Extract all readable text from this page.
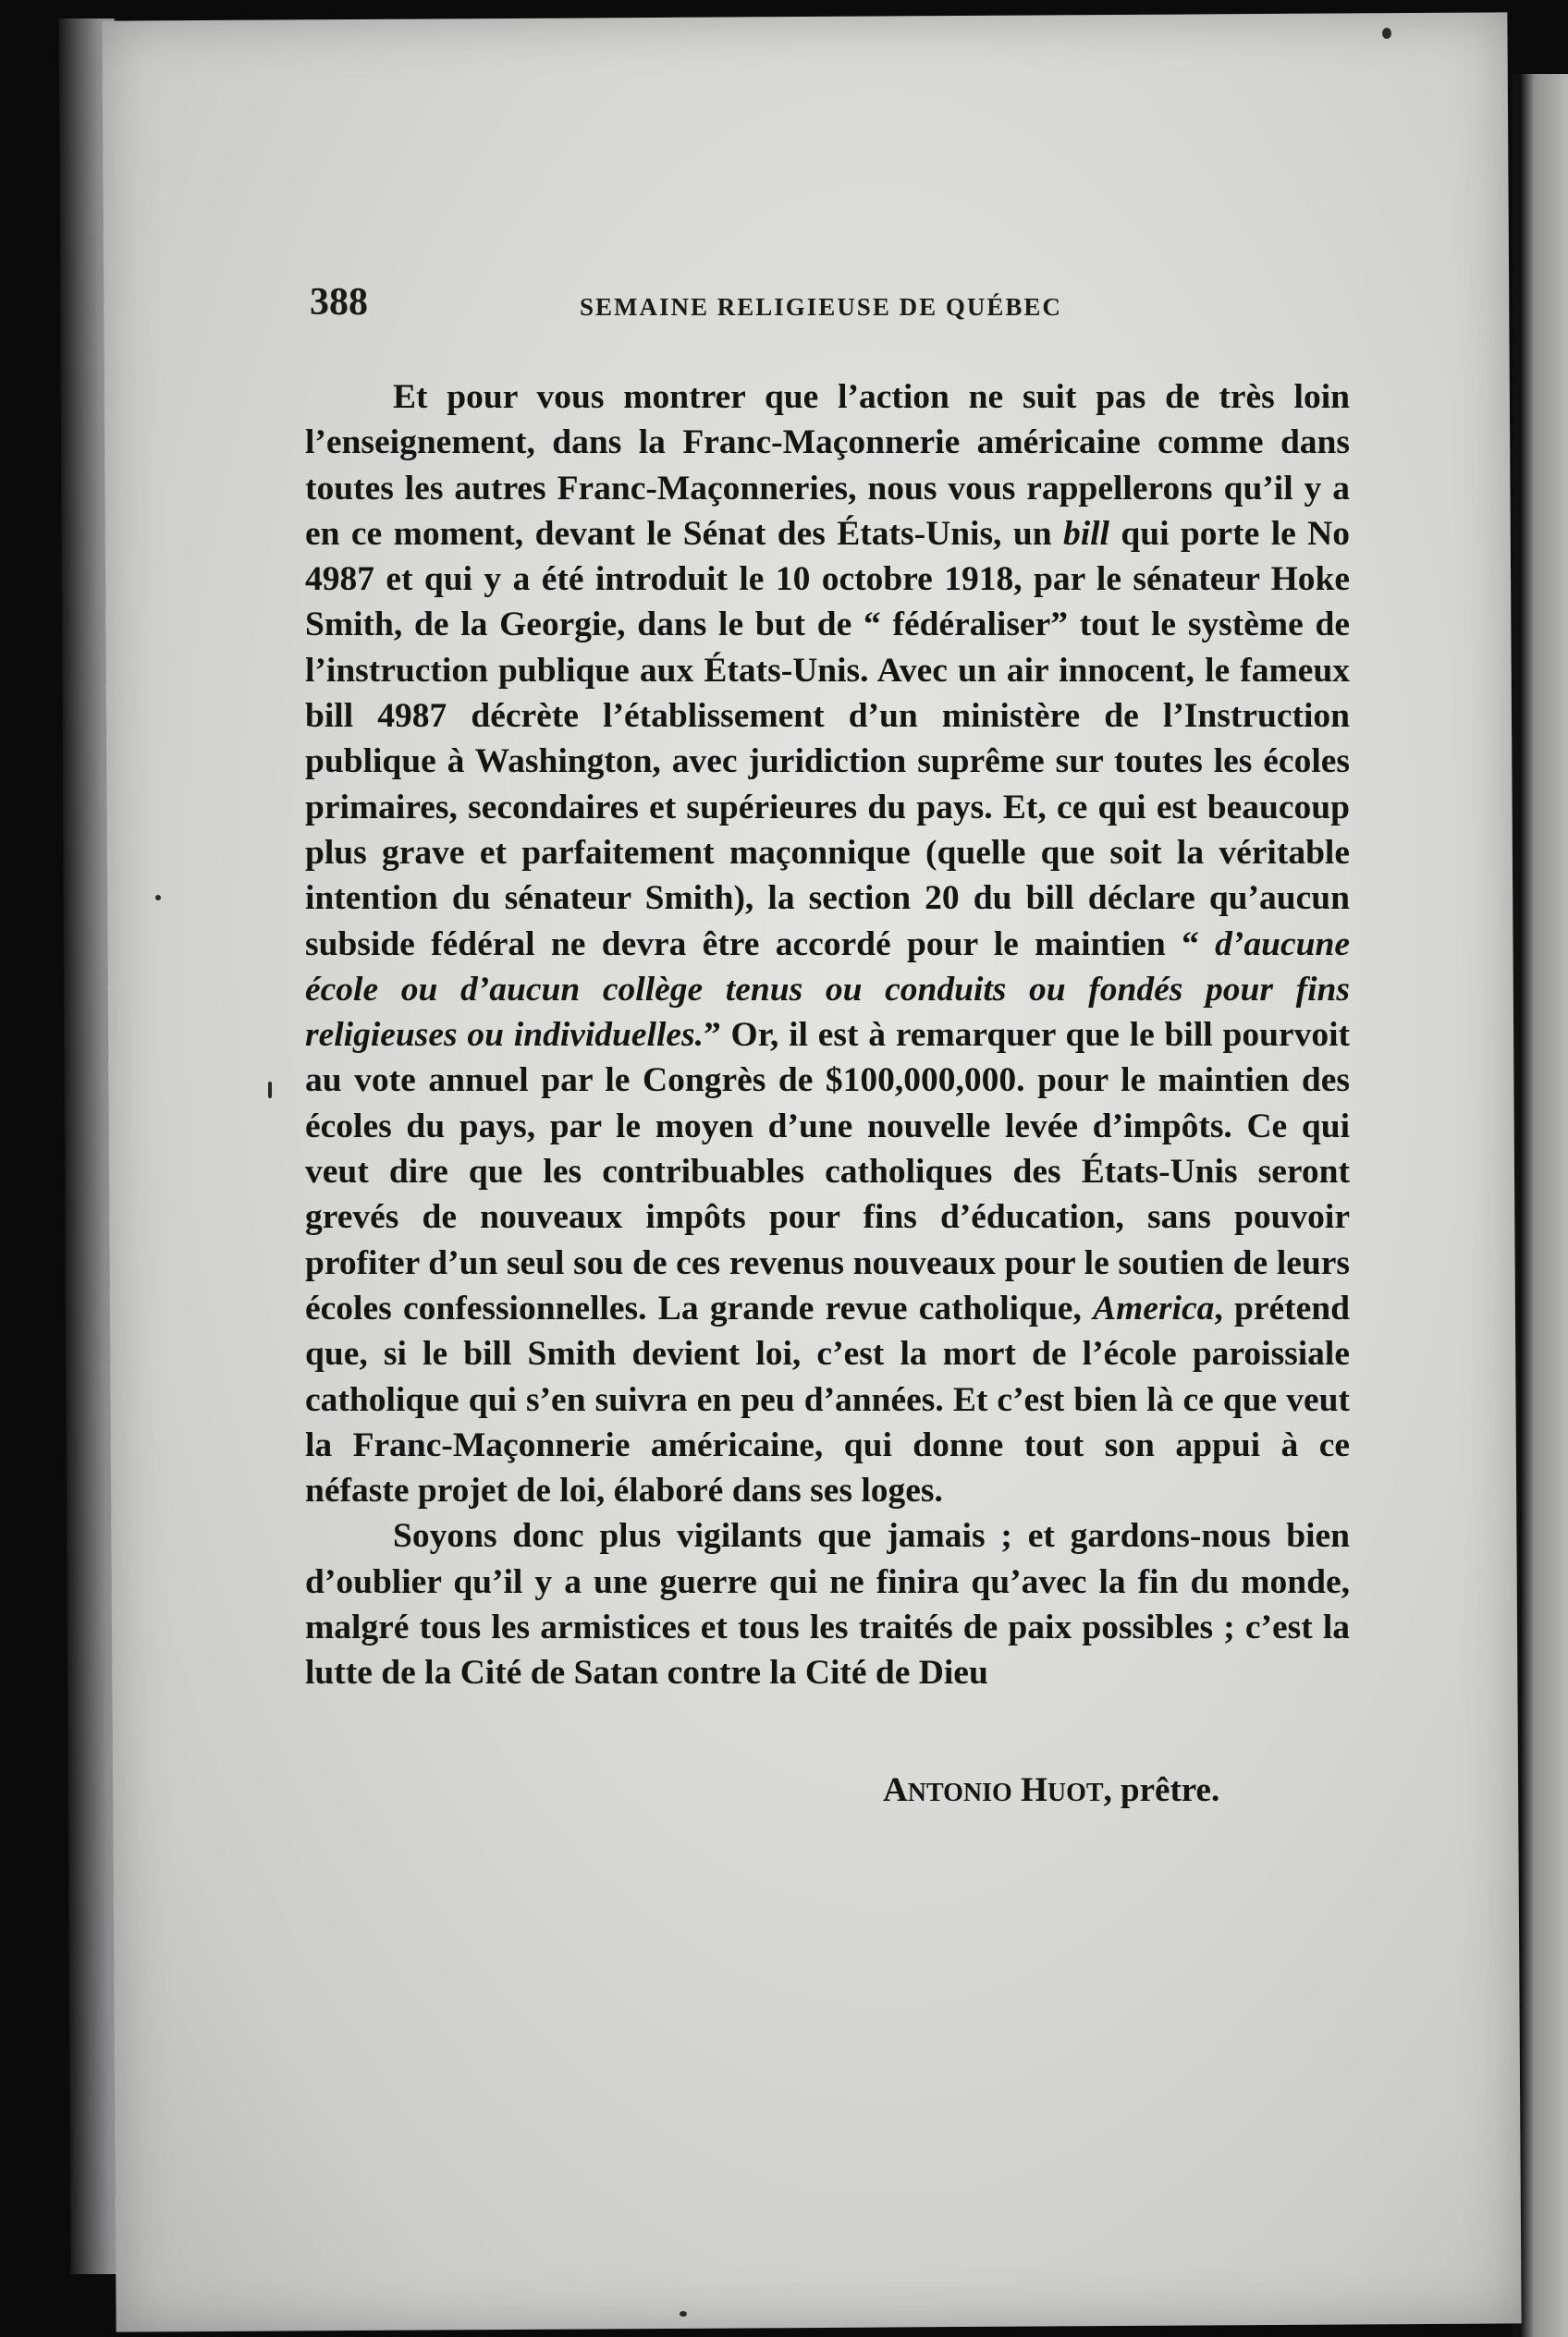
388	SEMAINE RELIGIEUSE DE QUÉBEC

Et pour vous montrer que l’action ne suit pas de très loin l’enseignement, dans la Franc-Maçonnerie américaine comme dans toutes les autres Franc-Maçonneries, nous vous rappellerons qu’il y a en ce moment, devant le Sénat des États-Unis, un bill qui porte le No 4987 et qui y a été introduit le 10 octobre 1918, par le sénateur Hoke Smith, de la Georgie, dans le but de “ fédéraliser” tout le système de l’instruction publique aux États-Unis. Avec un air innocent, le fameux bill 4987 décrète l’établissement d’un ministère de l’Instruction publique à Washington, avec juridiction suprême sur toutes les écoles primaires, secondaires et supérieures du pays. Et, ce qui est beaucoup plus grave et parfaitement maçonnique (quelle que soit la véritable intention du sénateur Smith), la section 20 du bill déclare qu’aucun subside fédéral ne devra être accordé pour le maintien “ d’aucune école ou d’aucun collège tenus ou conduits ou fondés pour fins religieuses ou individuelles.” Or, il est à remarquer que le bill pourvoit au vote annuel par le Congrès de $100,000,000. pour le maintien des écoles du pays, par le moyen d’une nouvelle levée d’impôts. Ce qui veut dire que les contribuables catholiques des États-Unis seront grevés de nouveaux impôts pour fins d’éducation, sans pouvoir profiter d’un seul sou de ces revenus nouveaux pour le soutien de leurs écoles confessionnelles. La grande revue catholique, America, prétend que, si le bill Smith devient loi, c’est la mort de l’école paroissiale catholique qui s’en suivra en peu d’années. Et c’est bien là ce que veut la Franc-Maçonnerie américaine, qui donne tout son appui à ce néfaste projet de loi, élaboré dans ses loges.

Soyons donc plus vigilants que jamais ; et gardons-nous bien d’oublier qu’il y a une guerre qui ne finira qu’avec la fin du monde, malgré tous les armistices et tous les traités de paix possibles ; c’est la lutte de la Cité de Satan contre la Cité de Dieu

ANTONIO HUOT, prêtre.
